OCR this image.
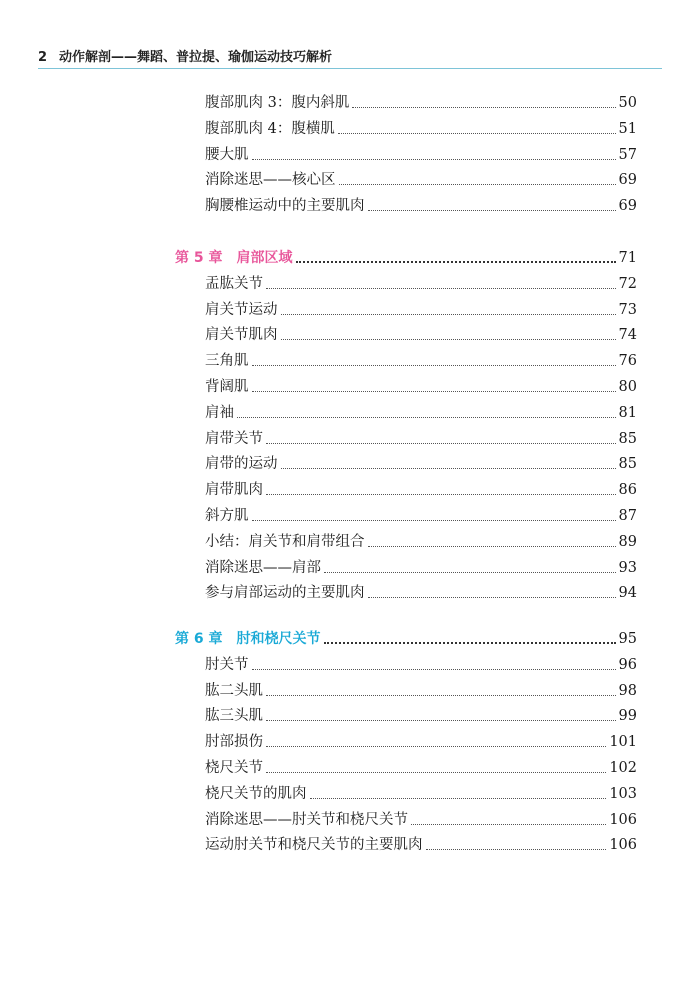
2 动作解剖——舞蹈、普拉提、瑜伽运动技巧解析
腹部肌肉 3：腹内斜肌	50
腹部肌肉 4：腹横肌	51
腰大肌	57
消除迷思——核心区	69
胸腰椎运动中的主要肌肉	69
第 5 章 肩部区域	71
盂肱关节	72
肩关节运动	73
肩关节肌肉	74
三角肌	76
背阔肌	80
肩袖	81
肩带关节	85
肩带的运动	85
肩带肌肉	86
斜方肌	87
小结：肩关节和肩带组合	89
消除迷思——肩部	93
参与肩部运动的主要肌肉	94
第 6 章 肘和桡尺关节	95
肘关节	96
肱二头肌	98
肱三头肌	99
肘部损伤	101
桡尺关节	102
桡尺关节的肌肉	103
消除迷思——肘关节和桡尺关节	106
运动肘关节和桡尺关节的主要肌肉	106
